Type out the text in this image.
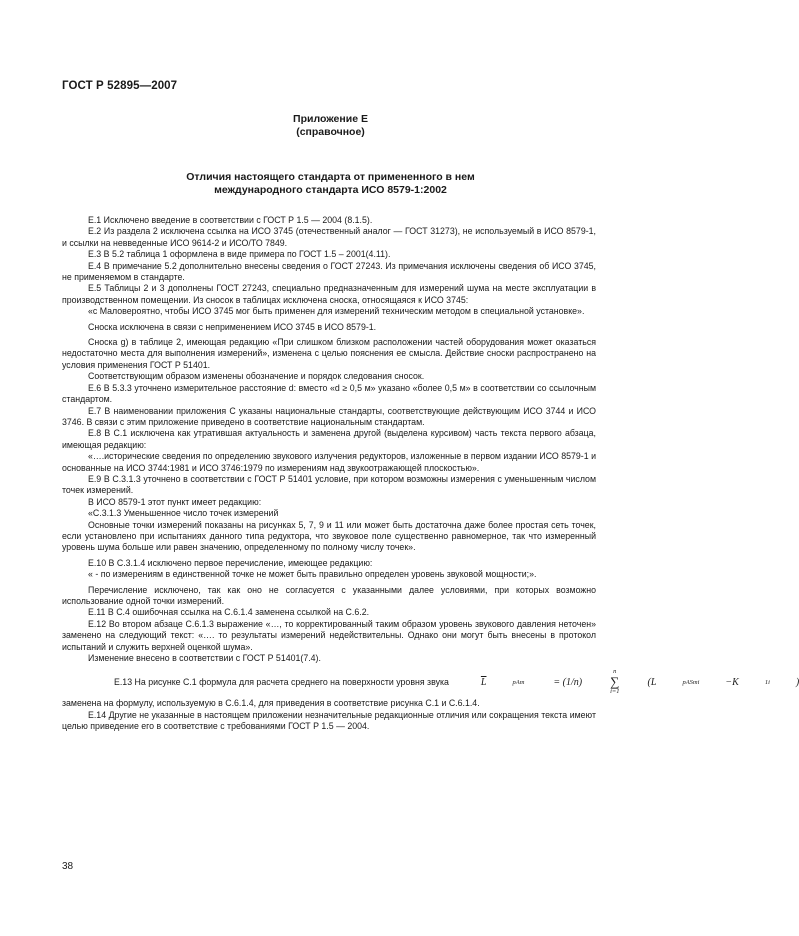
ГОСТ Р 52895—2007
Приложение Е
(справочное)
Отличия настоящего стандарта от примененного в нем
международного стандарта ИСО 8579-1:2002

Е.1 Исключено введение в соответствии с ГОСТ Р 1.5 — 2004 (8.1.5).

Е.2 Из раздела 2 исключена ссылка на ИСО 3745 (отечественный аналог — ГОСТ 31273), не используемый в ИСО 8579-1, и ссылки на невведенные ИСО 9614-2 и ИСО/ТО 7849.

Е.3 В 5.2 таблица 1 оформлена в виде примера по ГОСТ 1.5 – 2001(4.11).

Е.4 В примечание 5.2 дополнительно внесены сведения о ГОСТ 27243. Из примечания исключены сведения об ИСО 3745, не применяемом в стандарте.

Е.5 Таблицы 2 и 3 дополнены ГОСТ 27243, специально предназначенным для измерений шума на месте эксплуатации в производственном помещении. Из сносок в таблицах исключена сноска, относящаяся к ИСО 3745:

«с Маловероятно, чтобы ИСО 3745 мог быть применен для измерений техническим методом в специальной установке».

Сноска исключена в связи с неприменением ИСО 3745 в ИСО 8579-1.

Сноска g) в таблице 2, имеющая редакцию «При слишком близком расположении частей оборудования может оказаться недостаточно места для выполнения измерений», изменена с целью пояснения ее смысла. Действие сноски распространено на условия применения ГОСТ Р 51401.

Соответствующим образом изменены обозначение и порядок следования сносок.

Е.6 В 5.3.3 уточнено измерительное расстояние d: вместо «d ≥ 0,5 м» указано «более 0,5 м» в соответствии со ссылочным стандартом.

Е.7 В наименовании приложения С указаны национальные стандарты, соответствующие действующим ИСО 3744 и ИСО 3746. В связи с этим приложение приведено в соответствие национальным стандартам.

Е.8 В С.1 исключена как утратившая актуальность и заменена другой (выделена курсивом) часть текста первого абзаца, имеющая редакцию:

«….исторические сведения по определению звукового излучения редукторов, изложенные в первом издании ИСО 8579-1 и основанные на ИСО 3744:1981 и ИСО 3746:1979 по измерениям над звукоотражающей плоскостью».

Е.9 В С.3.1.3 уточнено в соответствии с ГОСТ Р 51401 условие, при котором возможны измерения с уменьшенным числом точек измерений.

В ИСО 8579-1 этот пункт имеет редакцию:

«С.3.1.3 Уменьшенное число точек измерений

Основные точки измерений показаны на рисунках 5, 7, 9 и 11 или может быть достаточна даже более простая сеть точек, если установлено при испытаниях данного типа редуктора, что звуковое поле существенно равномерное, так что измеренный уровень шума больше или равен значению, определенному по полному числу точек».

Е.10 В С.3.1.4 исключено первое перечисление, имеющее редакцию:

« - по измерениям в единственной точке не может быть правильно определен уровень звуковой мощности;».

Перечисление исключено, так как оно не согласуется с указанными далее условиями, при которых возможно использование одной точки измерений.

Е.11 В С.4 ошибочная ссылка на С.6.1.4 заменена ссылкой на С.6.2.

Е.12 Во втором абзаце С.6.1.3 выражение «…, то корректированный таким образом уровень звукового давления неточен» заменено на следующий текст: «…. то результаты измерений недействительны. Однако они могут быть внесены в протокол испытаний и служить верхней оценкой шума».

Изменение внесено в соответствии с ГОСТ Р 51401(7.4).

Е.13 На рисунке С.1 формула для расчета среднего на поверхности уровня звука	$\overline{L}$	pAm	= (1/n)
n
∑
i=1
(L	pASmi	−K	1i	)

заменена на формулу, используемую в С.6.1.4, для приведения в соответствие рисунка С.1 и С.6.1.4.

Е.14 Другие не указанные в настоящем приложении незначительные редакционные отличия или сокращения текста имеют целью приведение его в соответствие с требованиями ГОСТ Р 1.5 — 2004.

38
